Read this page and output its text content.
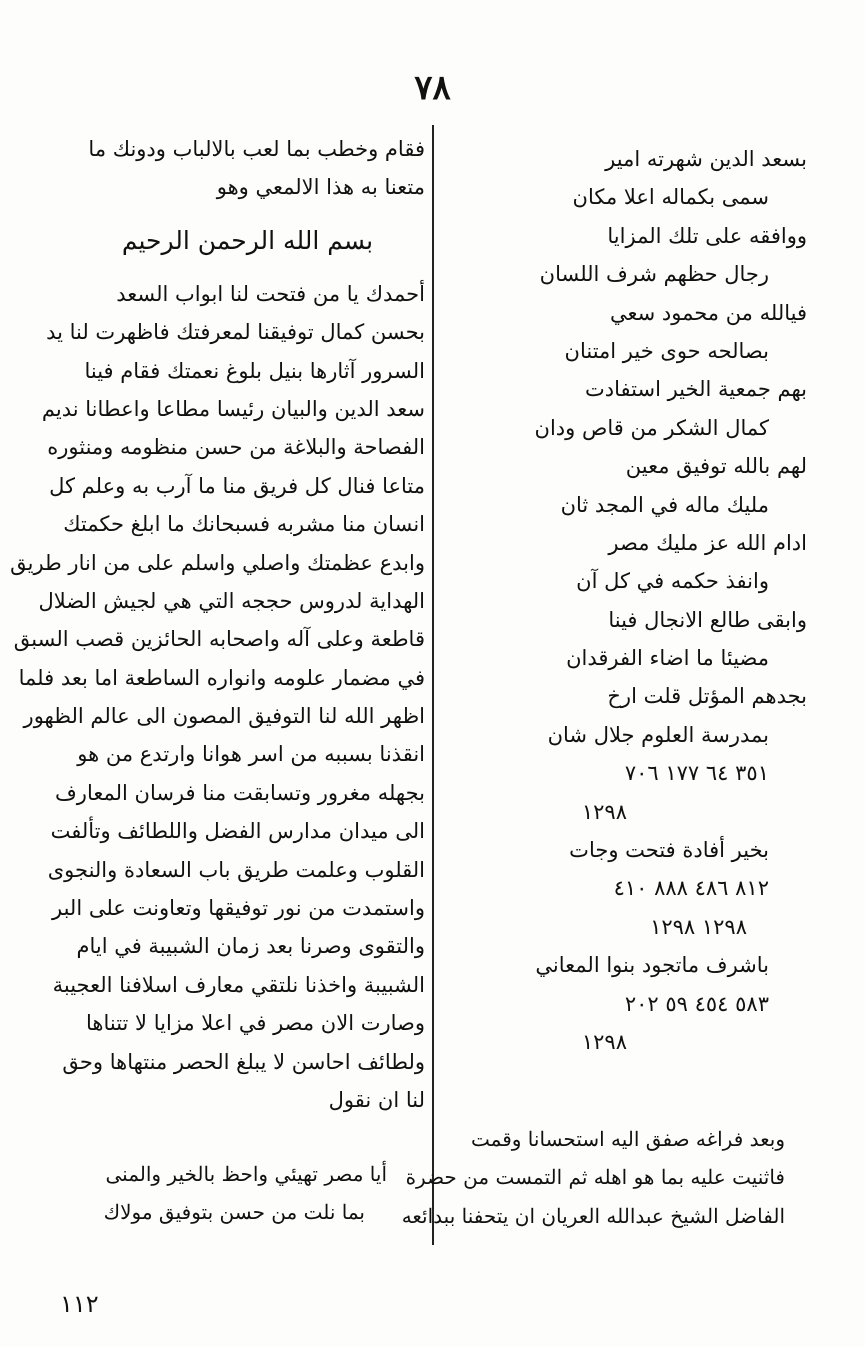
٧٨
بسعد الدين شهرته امير
سمى بكماله اعلا مكان
ووافقه على تلك المزايا
رجال حظهم شرف اللسان
فيالله من محمود سعي
بصالحه حوى خير امتنان
بهم جمعية الخير استفادت
كمال الشكر من قاص ودان
لهم بالله توفيق معين
مليك ماله في المجد ثان
ادام الله عز مليك مصر
وانفذ حكمه في كل آن
وابقى طالع الانجال فينا
مضيئا ما اضاء الفرقدان
بجدهم المؤتل قلت ارخ
بمدرسة العلوم جلال شان
٣٥١ ٦٤ ١٧٧ ٧٠٦
١٢٩٨
بخير أفادة فتحت وجات
٨١٢ ٤٨٦ ٨٨٨ ٤١٠
١٢٩٨ ١٢٩٨
باشرف ماتجود بنوا المعاني
٥٨٣ ٤٥٤ ٥٩ ٢٠٢
١٢٩٨
وبعد فراغه صفق اليه استحسانا وقمت
فاثنيت عليه بما هو اهله ثم التمست من حضرة
الفاضل الشيخ عبدالله العريان ان يتحفنا ببدائعه
فقام وخطب بما لعب بالالباب ودونك ما
متعنا به هذا الالمعي وهو
بسم الله الرحمن الرحيم
أحمدك يا من فتحت لنا ابواب السعد
بحسن كمال توفيقنا لمعرفتك فاظهرت لنا يد
السرور آثارها بنيل بلوغ نعمتك فقام فينا
سعد الدين والبيان رئيسا مطاعا واعطانا نديم
الفصاحة والبلاغة من حسن منظومه ومنثوره
متاعا فنال كل فريق منا ما آرب به وعلم كل
انسان منا مشربه فسبحانك ما ابلغ حكمتك
وابدع عظمتك واصلي واسلم على من انار طريق
الهداية لدروس حججه التي هي لجيش الضلال
قاطعة وعلى آله واصحابه الحائزين قصب السبق
في مضمار علومه وانواره الساطعة اما بعد فلما
اظهر الله لنا التوفيق المصون الى عالم الظهور
انقذنا بسببه من اسر هوانا وارتدع من هو
بجهله مغرور وتسابقت منا فرسان المعارف
الى ميدان مدارس الفضل واللطائف وتألفت
القلوب وعلمت طريق باب السعادة والنجوى
واستمدت من نور توفيقها وتعاونت على البر
والتقوى وصرنا بعد زمان الشبيبة في ايام
الشبيبة واخذنا نلتقي معارف اسلافنا العجيبة
وصارت الان مصر في اعلا مزايا لا تتناها
ولطائف احاسن لا يبلغ الحصر منتهاها وحق
لنا ان نقول
أيا مصر تهيئي واحظ بالخير والمنى
بما نلت من حسن بتوفيق مولاك
١١٢
